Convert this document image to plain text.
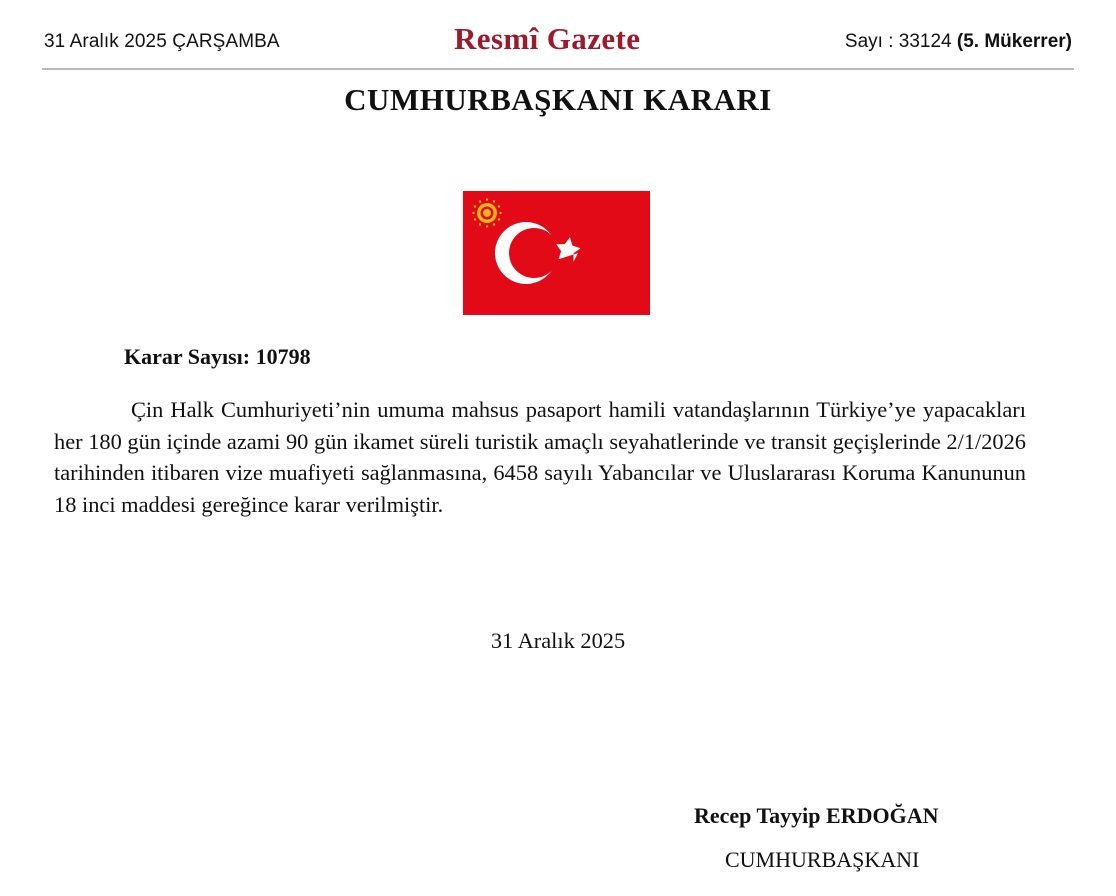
31 Aralık 2025 ÇARŞAMBA	Resmî Gazete	Sayı : 33124 (5. Mükerrer)
CUMHURBAŞKANI KARARI
Karar Sayısı: 10798

Çin Halk Cumhuriyeti’nin umuma mahsus pasaport hamili vatandaşlarının Türkiye’ye yapacakları her 180 gün içinde azami 90 gün ikamet süreli turistik amaçlı seyahatlerinde ve transit geçişlerinde 2/1/2026 tarihinden itibaren vize muafiyeti sağlanmasına, 6458 sayılı Yabancılar ve Uluslararası Koruma Kanununun 18 inci maddesi gereğince karar verilmiştir.

31 Aralık 2025
Recep Tayyip ERDOĞAN
CUMHURBAŞKANI
